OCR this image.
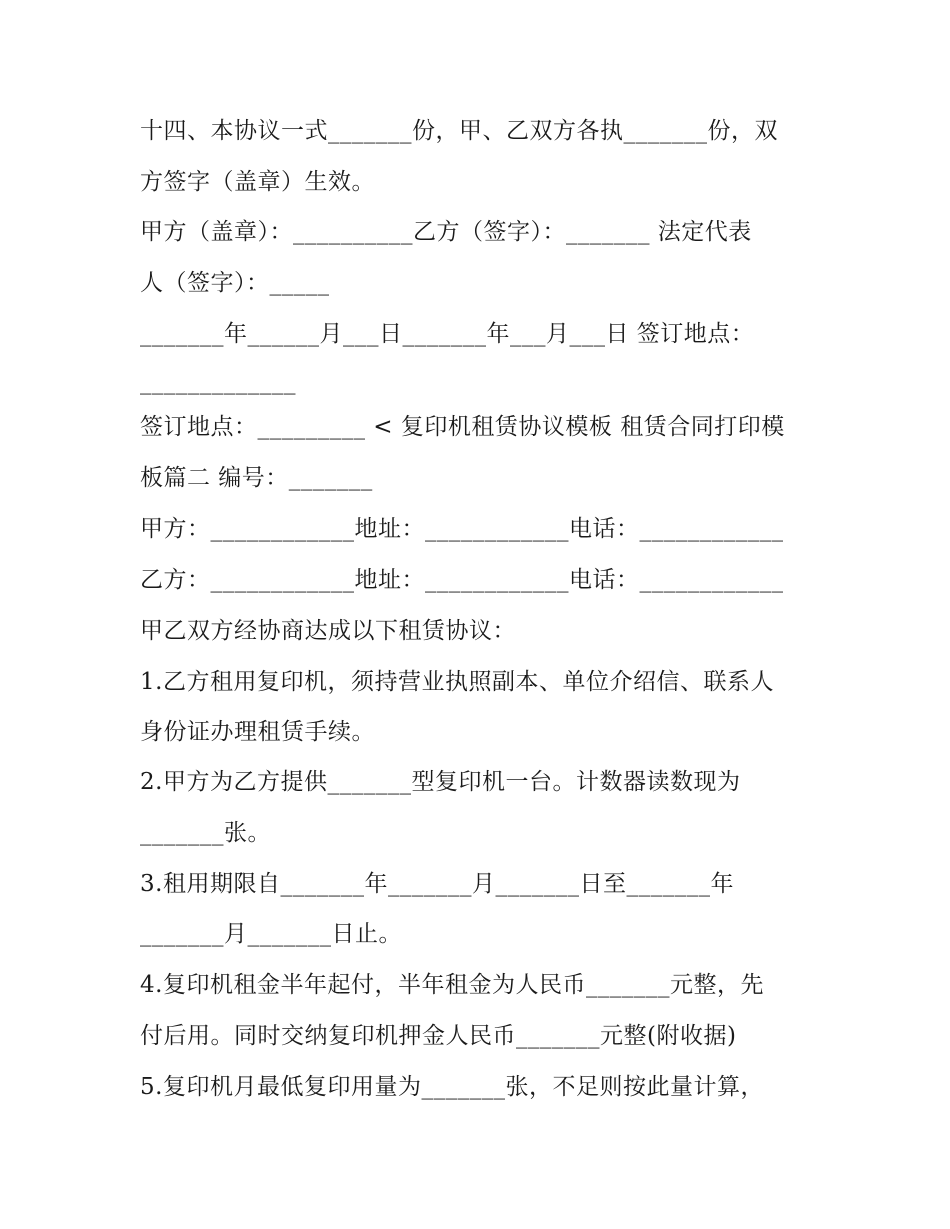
十四、本协议一式_______份，甲、乙双方各执_______份，双
方签字（盖章）生效。
甲方（盖章）：__________乙方（签字）：_______ 法定代表
人（签字）：_____
_______年______月___日_______年___月___日 签订地点：
_____________
签订地点：_________ < 复印机租赁协议模板 租赁合同打印模
板篇二 编号：_______
甲方：____________地址：____________电话：____________
乙方：____________地址：____________电话：____________
甲乙双方经协商达成以下租赁协议：
1.乙方租用复印机，须持营业执照副本、单位介绍信、联系人
身份证办理租赁手续。
2.甲方为乙方提供_______型复印机一台。计数器读数现为
_______张。
3.租用期限自_______年_______月_______日至_______年
_______月_______日止。
4.复印机租金半年起付，半年租金为人民币_______元整，先
付后用。同时交纳复印机押金人民币_______元整(附收据)
5.复印机月最低复印用量为_______张，不足则按此量计算，
